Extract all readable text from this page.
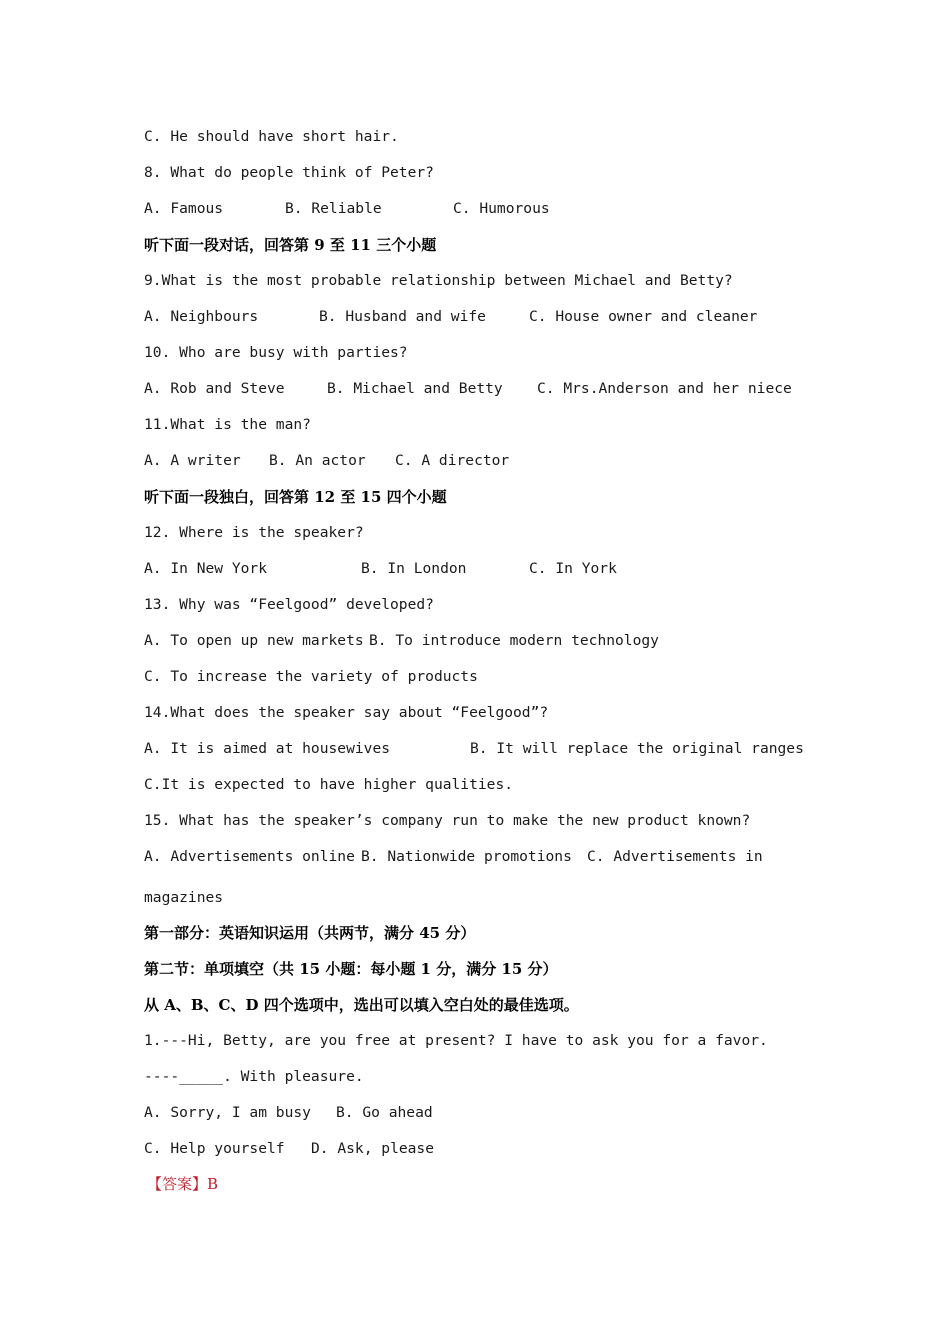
C. He should have short hair.
8. What do people think of Peter?
A. Famous	B. Reliable	C. Humorous
听下面一段对话，回答第 9 至 11 三个小题
9.What is the most probable relationship between Michael and Betty?
A. Neighbours	B. Husband and wife	C. House owner and cleaner
10. Who are busy with parties?
A. Rob and Steve	B. Michael and Betty C. Mrs.Anderson and her niece
11.What is the man?
A. A writer B. An actor C. A director
听下面一段独白，回答第 12 至 15 四个小题
12. Where is the speaker?
A. In New York	B. In London	C. In York
13. Why was “Feelgood” developed?
A. To open up new markets B. To introduce modern technology
C. To increase the variety of products
14.What does the speaker say about “Feelgood”?
A. It is aimed at housewives	B. It will replace the original ranges
C.It is expected to have higher qualities.
15. What has the speaker’s company run to make the new product known?
A. Advertisements online B. Nationwide promotions C. Advertisements in
magazines
第一部分：英语知识运用（共两节，满分 45 分）
第二节：单项填空（共 15 小题：每小题 1 分，满分 15 分）
从 A、B、C、D 四个选项中，选出可以填入空白处的最佳选项。
1.---Hi, Betty, are you free at present? I have to ask you for a favor.
----_____. With pleasure.
A. Sorry, I am busy B. Go ahead
C. Help yourself D. Ask, please
【答案】B
